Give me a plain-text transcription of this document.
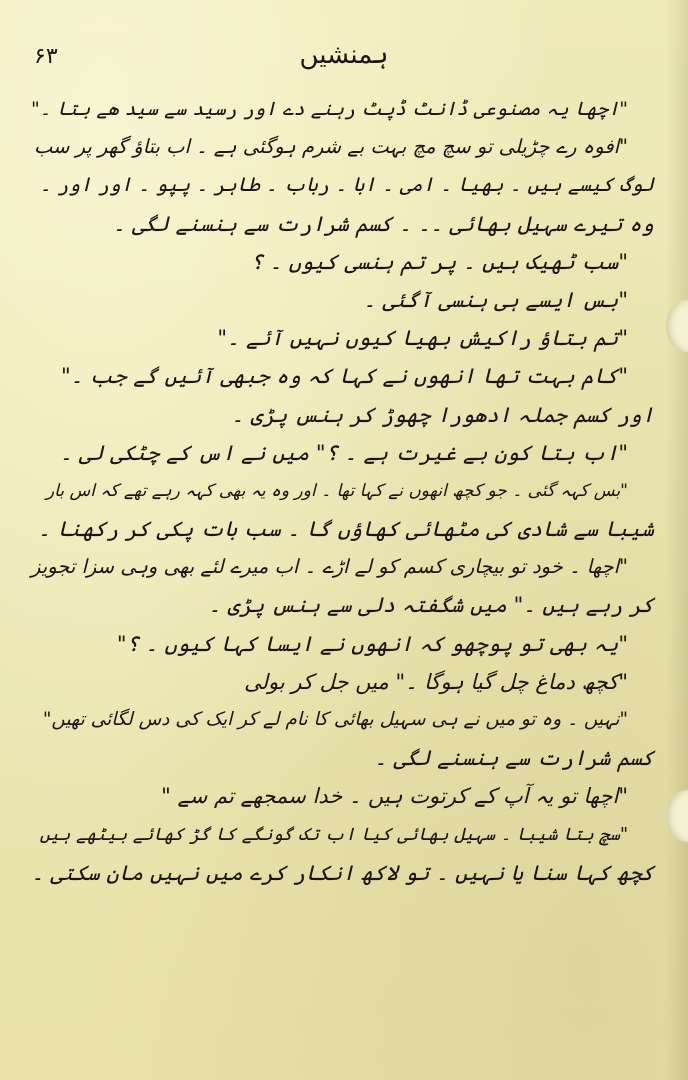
۶۳	ہمنشیں
"اچھا یہ مصنوعی ڈانٹ ڈپٹ رہنے دے اور رسید سے سید ھے بتا ۔"
"افوہ رے چڑیلی تو سچ مچ بہت بے شرم ہوگئی ہے ۔ اب بتاؤ گھر پر سب
لوگ کیسے ہیں ۔ بھیا ۔ امی ۔ ابا ۔ رباب ۔ طاہر ۔ پپو ۔ اور اور ۔
وہ تیرے سہیل بھائی ۔۔ ۔ کسم شرارت سے ہنسنے لگی ۔
"سب ٹھیک ہیں ۔ پر تم ہنسی کیوں ۔ ؟
"بس ایسے ہی ہنسی آگئی ۔
"تم بتاؤ راکیش بھیا کیوں نہیں آئے ۔"
"کام بہت تھا انھوں نے کہا کہ وہ جبھی آئیں گے جب ۔"
اور کسم جملہ ادھورا چھوڑ کر ہنس پڑی ۔
"اب بتا کون بے غیرت ہے ۔ ؟" میں نے اس کے چٹکی لی ۔
"بس کہہ گئی ۔ جو کچھ انھوں نے کہا تھا ۔ اور وہ یہ بھی کہہ رہے تھے کہ اس بار
شیبا سے شادی کی مٹھائی کھاؤں گا ۔ سب بات پکی کر رکھنا ۔
"اچھا ۔ خود تو بیچاری کسم کو لے اڑے ۔ اب میرے لئے بھی وہی سزا تجویز
کر رہے ہیں ۔" میں شگفتہ دلی سے ہنس پڑی ۔
"یہ بھی تو پوچھو کہ انھوں نے ایسا کہا کیوں ۔ ؟"
"کچھ دماغ چل گیا ہوگا ۔" میں جل کر بولی
"نہیں ۔ وہ تو میں نے ہی سہیل بھائی کا نام لے کر ایک کی دس لگائی تھیں"
کسم شرارت سے ہنسنے لگی ۔
"اچھا تو یہ آپ کے کرتوت ہیں ۔ خدا سمجھے تم سے "
"سچ بتا شیبا ۔ سہیل بھائی کیا اب تک گونگے کا گڑ کھائے بیٹھے ہیں
کچھ کہا سنا یا نہیں ۔ تو لاکھ انکار کرے میں نہیں مان سکتی ۔
